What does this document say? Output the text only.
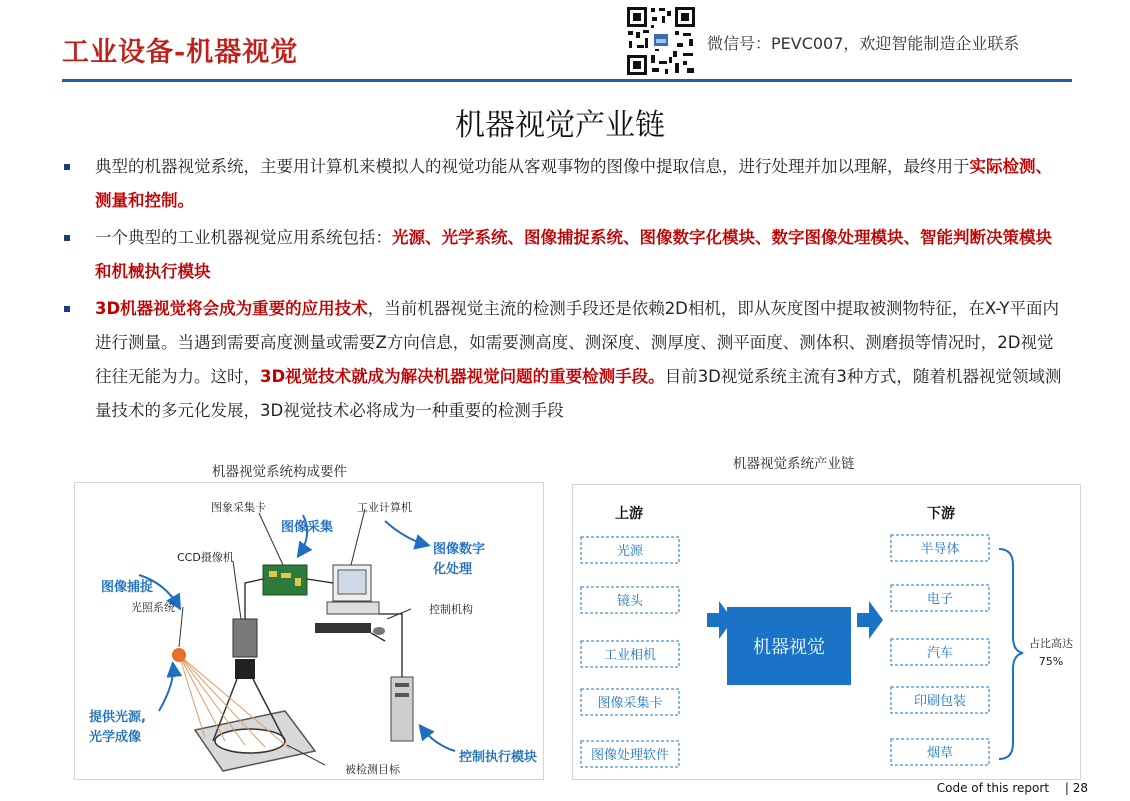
工业设备-机器视觉	微信号：PEVC007，欢迎智能制造企业联系
机器视觉产业链
典型的机器视觉系统，主要用计算机来模拟人的视觉功能从客观事物的图像中提取信息，进行处理并加以理解，最终用于实际检测、测量和控制。
一个典型的工业机器视觉应用系统包括：光源、光学系统、图像捕捉系统、图像数字化模块、数字图像处理模块、智能判断决策模块和机械执行模块
3D机器视觉将会成为重要的应用技术，当前机器视觉主流的检测手段还是依赖2D相机，即从灰度图中提取被测物特征，在X-Y平面内进行测量。当遇到需要高度测量或需要Z方向信息，如需要测高度、测深度、测厚度、测平面度、测体积、测磨损等情况时，2D视觉往往无能为力。这时，3D视觉技术就成为解决机器视觉问题的重要检测手段。目前3D视觉系统主流有3种方式，随着机器视觉领域测量技术的多元化发展，3D视觉技术必将成为一种重要的检测手段
机器视觉系统构成要件	机器视觉系统产业链
图象采集卡	工业计算机
CCD摄像机
光照系统	控制机构
被检测目标
图像采集
图像数字
化处理
图像捕捉
提供光源,
光学成像
控制执行模块
上游	下游
光源
镜头
工业相机
图像采集卡
图像处理软件
机器视觉
半导体
电子
汽车
印刷包装
烟草
占比高达
75%
Code of this report | 28
